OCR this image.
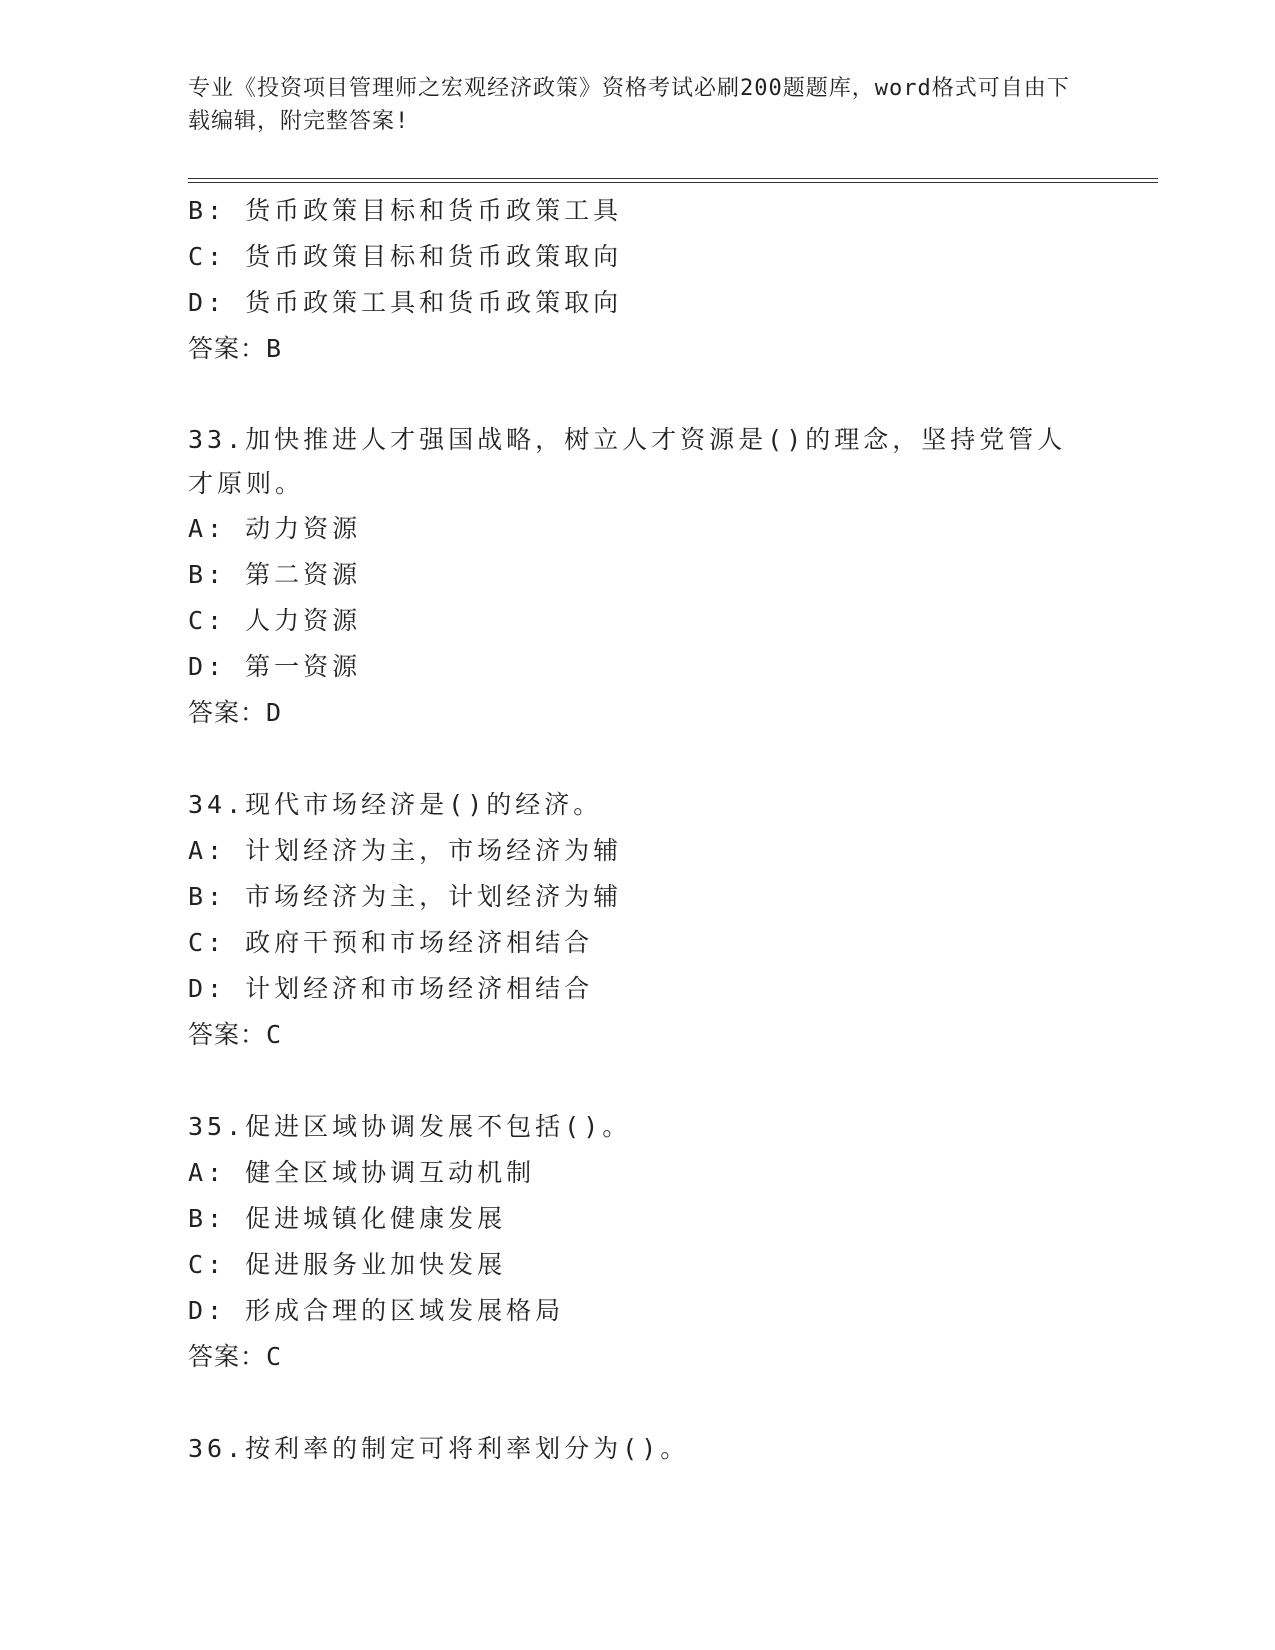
专业《投资项目管理师之宏观经济政策》资格考试必刷200题题库，word格式可自由下载编辑，附完整答案!
B: 货币政策目标和货币政策工具
C: 货币政策目标和货币政策取向
D: 货币政策工具和货币政策取向
答案：B
33.加快推进人才强国战略，树立人才资源是()的理念，坚持党管人才原则。
A: 动力资源
B: 第二资源
C: 人力资源
D: 第一资源
答案：D
34.现代市场经济是()的经济。
A: 计划经济为主，市场经济为辅
B: 市场经济为主，计划经济为辅
C: 政府干预和市场经济相结合
D: 计划经济和市场经济相结合
答案：C
35.促进区域协调发展不包括()。
A: 健全区域协调互动机制
B: 促进城镇化健康发展
C: 促进服务业加快发展
D: 形成合理的区域发展格局
答案：C
36.按利率的制定可将利率划分为()。
